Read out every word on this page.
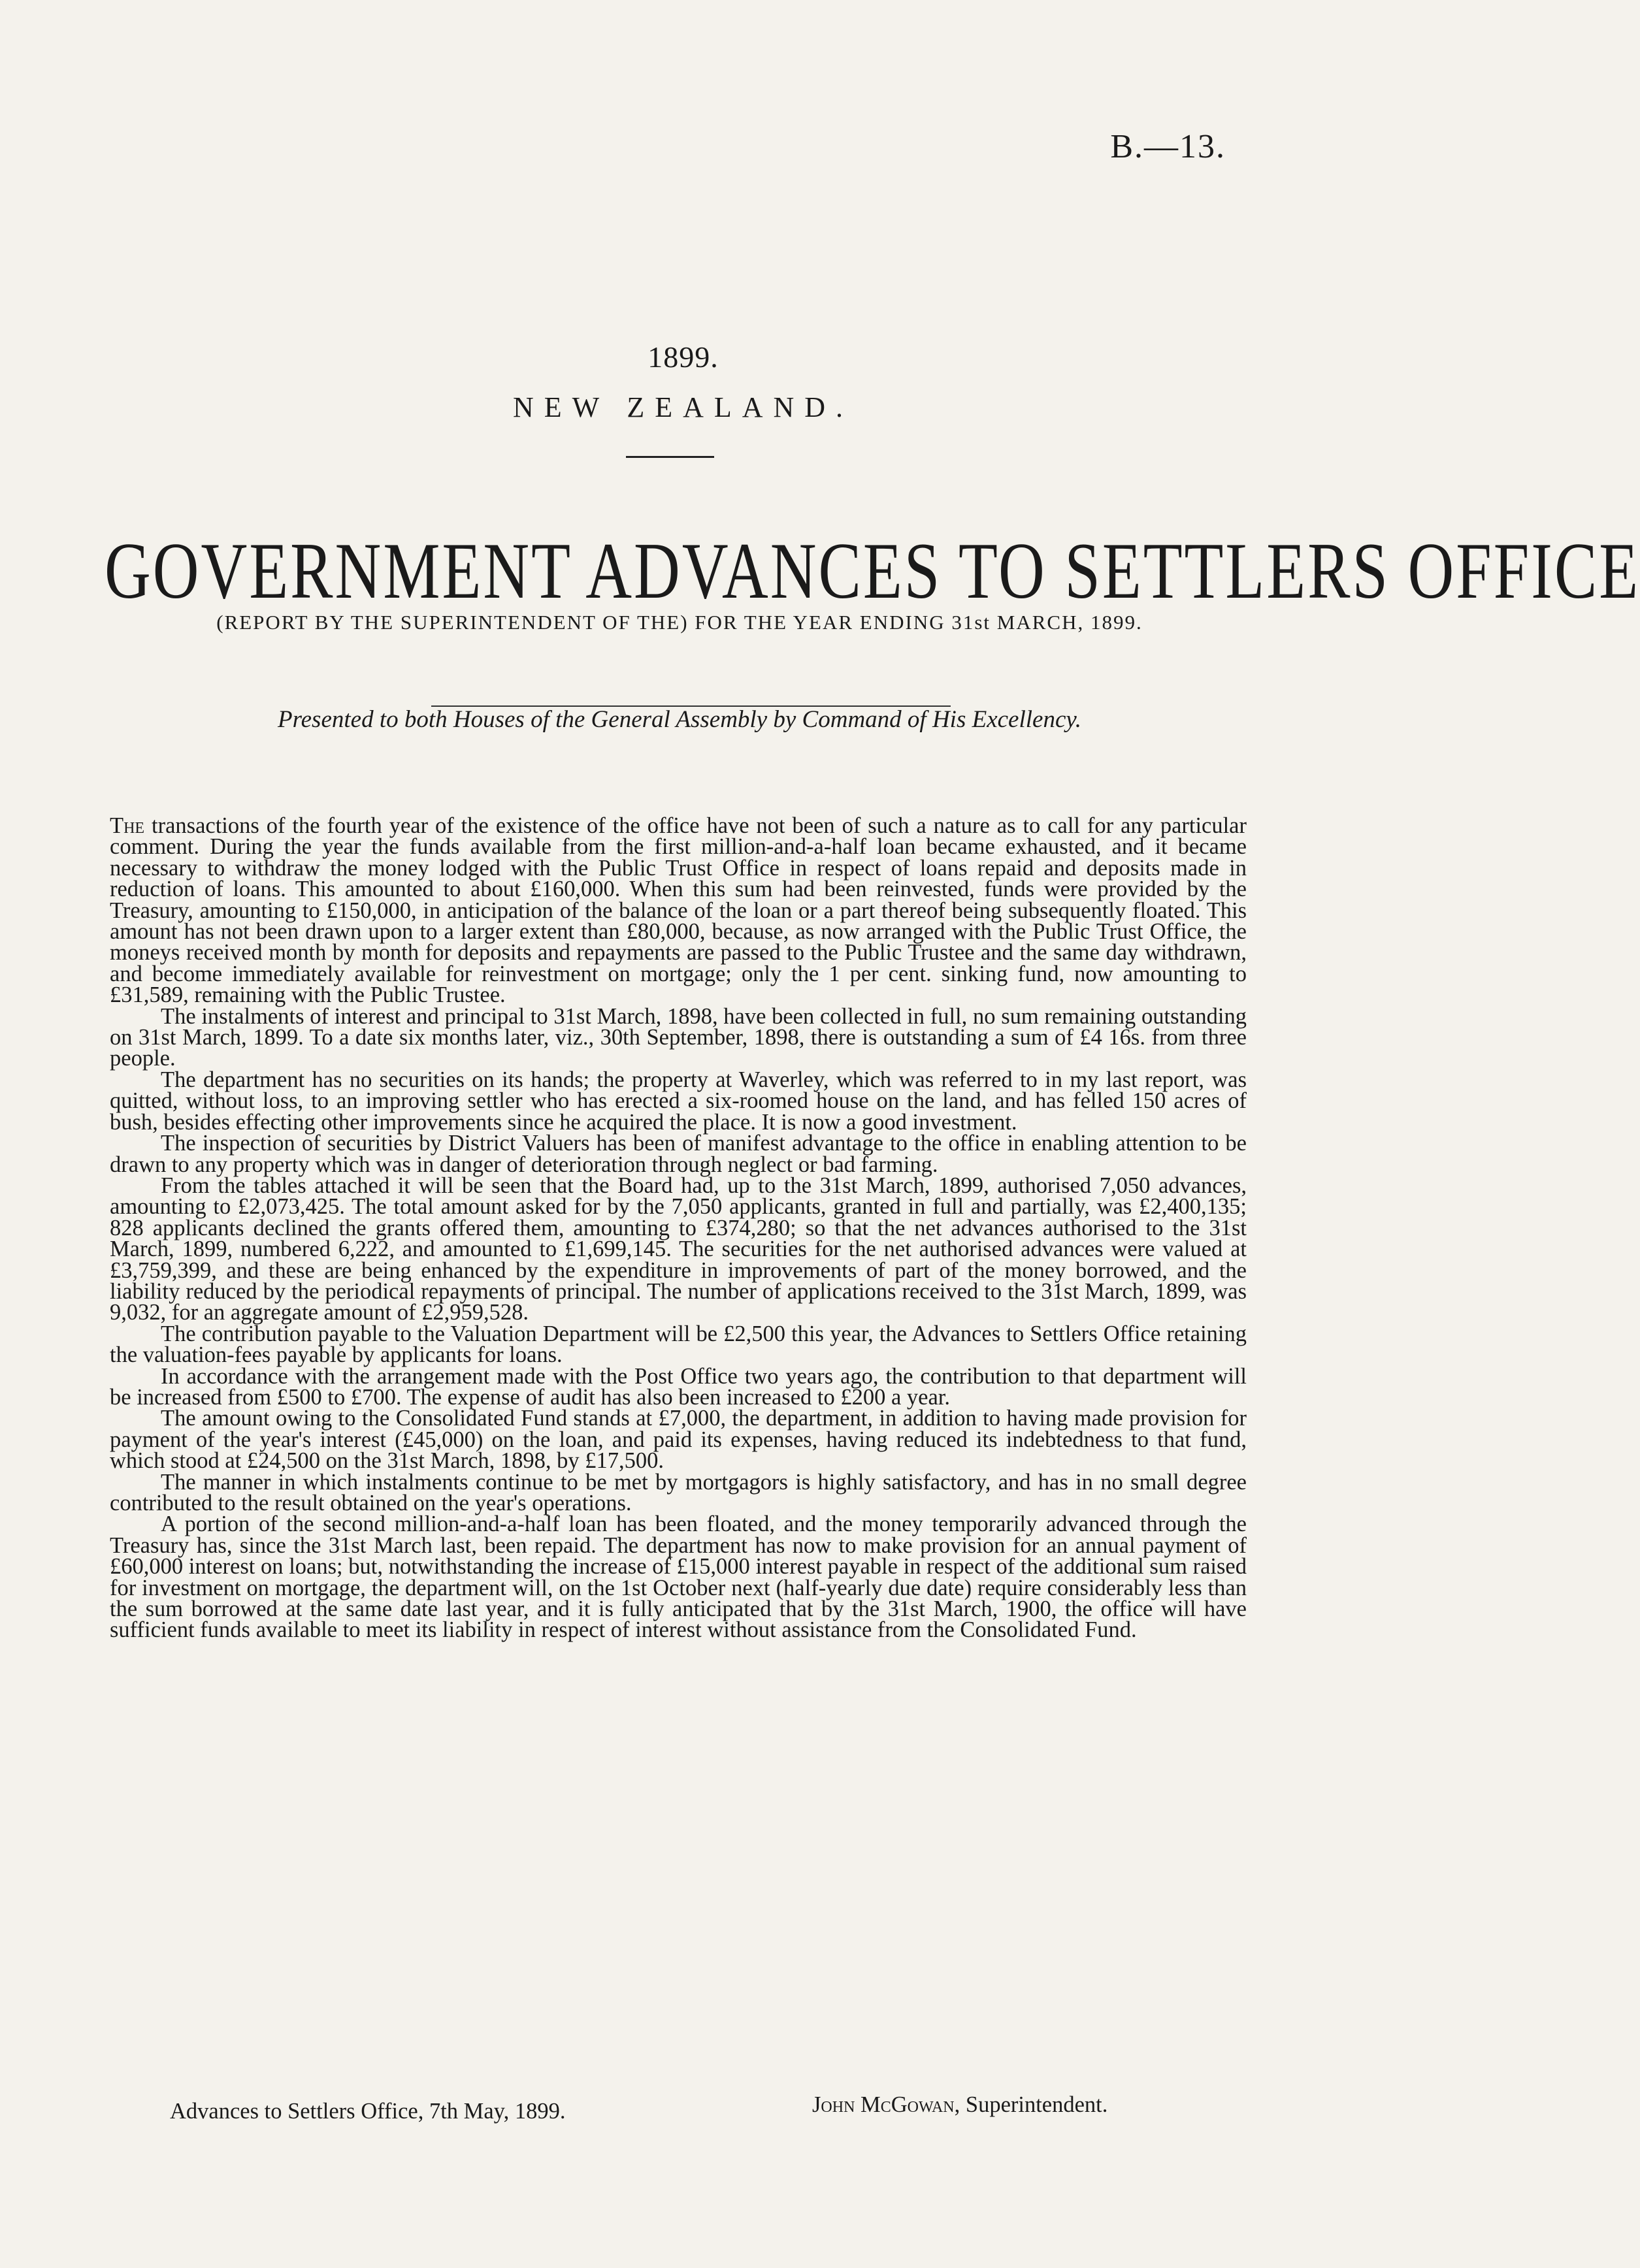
B.—13.
1899.
NEW ZEALAND.
GOVERNMENT ADVANCES TO SETTLERS OFFICE
(REPORT BY THE SUPERINTENDENT OF THE) FOR THE YEAR ENDING 31st MARCH, 1899.
Presented to both Houses of the General Assembly by Command of His Excellency.

The transactions of the fourth year of the existence of the office have not been of such a nature as to call for any particular comment. During the year the funds available from the first million-and-a-half loan became exhausted, and it became necessary to withdraw the money lodged with the Public Trust Office in respect of loans repaid and deposits made in reduction of loans. This amounted to about £160,000. When this sum had been reinvested, funds were provided by the Treasury, amounting to £150,000, in anticipation of the balance of the loan or a part thereof being subsequently floated. This amount has not been drawn upon to a larger extent than £80,000, because, as now arranged with the Public Trust Office, the moneys received month by month for deposits and repayments are passed to the Public Trustee and the same day withdrawn, and become immediately available for reinvestment on mortgage; only the 1 per cent. sinking fund, now amounting to £31,589, remaining with the Public Trustee.

The instalments of interest and principal to 31st March, 1898, have been collected in full, no sum remaining outstanding on 31st March, 1899. To a date six months later, viz., 30th September, 1898, there is outstanding a sum of £4 16s. from three people.

The department has no securities on its hands; the property at Waverley, which was referred to in my last report, was quitted, without loss, to an improving settler who has erected a six-roomed house on the land, and has felled 150 acres of bush, besides effecting other improvements since he acquired the place. It is now a good investment.

The inspection of securities by District Valuers has been of manifest advantage to the office in enabling attention to be drawn to any property which was in danger of deterioration through neglect or bad farming.

From the tables attached it will be seen that the Board had, up to the 31st March, 1899, authorised 7,050 advances, amounting to £2,073,425. The total amount asked for by the 7,050 applicants, granted in full and partially, was £2,400,135; 828 applicants declined the grants offered them, amounting to £374,280; so that the net advances authorised to the 31st March, 1899, numbered 6,222, and amounted to £1,699,145. The securities for the net authorised advances were valued at £3,759,399, and these are being enhanced by the expenditure in improvements of part of the money borrowed, and the liability reduced by the periodical repayments of principal. The number of applications received to the 31st March, 1899, was 9,032, for an aggregate amount of £2,959,528.

The contribution payable to the Valuation Department will be £2,500 this year, the Advances to Settlers Office retaining the valuation-fees payable by applicants for loans.

In accordance with the arrangement made with the Post Office two years ago, the contribution to that department will be increased from £500 to £700. The expense of audit has also been increased to £200 a year.

The amount owing to the Consolidated Fund stands at £7,000, the department, in addition to having made provision for payment of the year's interest (£45,000) on the loan, and paid its expenses, having reduced its indebtedness to that fund, which stood at £24,500 on the 31st March, 1898, by £17,500.

The manner in which instalments continue to be met by mortgagors is highly satisfactory, and has in no small degree contributed to the result obtained on the year's operations.

A portion of the second million-and-a-half loan has been floated, and the money temporarily advanced through the Treasury has, since the 31st March last, been repaid. The department has now to make provision for an annual payment of £60,000 interest on loans; but, notwithstanding the increase of £15,000 interest payable in respect of the additional sum raised for investment on mortgage, the department will, on the 1st October next (half-yearly due date) require considerably less than the sum borrowed at the same date last year, and it is fully anticipated that by the 31st March, 1900, the office will have sufficient funds available to meet its liability in respect of interest without assistance from the Consolidated Fund.

Advances to Settlers Office, 7th May, 1899.	John McGowan, Superintendent.
